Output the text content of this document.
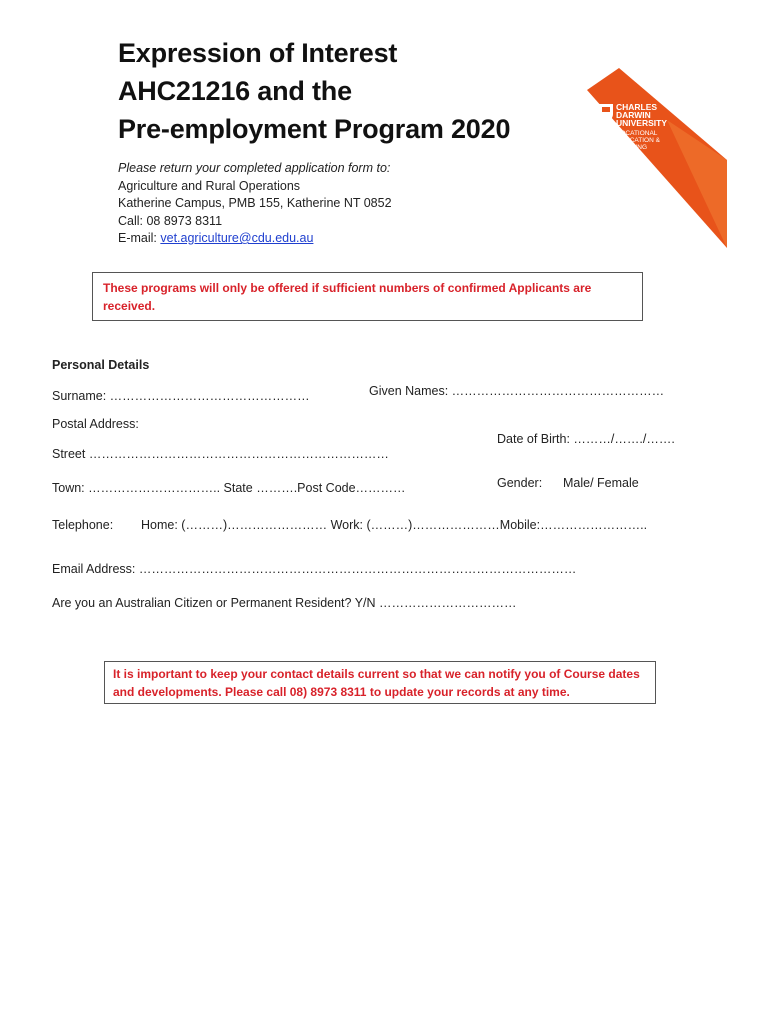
Expression of Interest
AHC21216 and the
Pre-employment Program 2020
CHARLES
DARWIN
UNIVERSITY
VOCATIONAL
EDUCATION &
TRAINING
Please return your completed application form to:
Agriculture and Rural Operations
Katherine Campus, PMB 155, Katherine NT 0852
Call: 08 8973 8311
E-mail: vet.agriculture@cdu.edu.au
These programs will only be offered if sufficient numbers of confirmed Applicants are
received.
Personal Details
Surname: …………………………………………	Given Names: ……………………………………………
Postal Address:
Date of Birth: ………/……./…….
Street ………………………………………………………………
Town: ………………………….. State ……….Post Code…………	Gender: Male/ Female
Telephone: Home: (………)…………………… Work: (………)…………………Mobile:……………………..
Email Address: ……………………………………………………………………………………………
Are you an Australian Citizen or Permanent Resident? Y/N ……………………………
It is important to keep your contact details current so that we can notify you of Course dates
and developments. Please call 08) 8973 8311 to update your records at any time.
